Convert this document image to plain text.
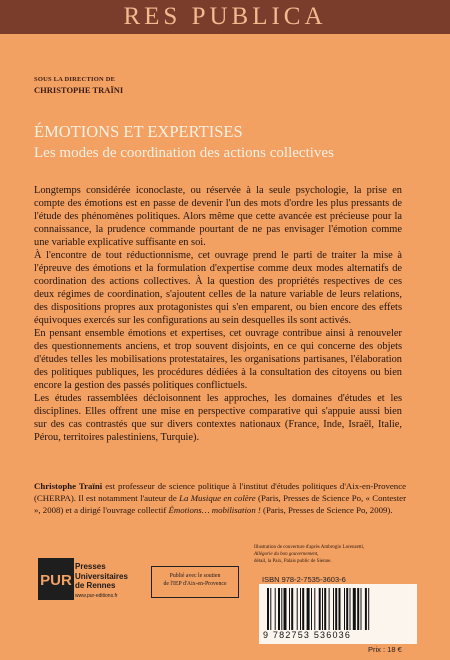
RES PUBLICA
SOUS LA DIRECTION DE
CHRISTOPHE TRAÏNI
ÉMOTIONS ET EXPERTISES
Les modes de coordination des actions collectives

Longtemps considérée iconoclaste, ou réservée à la seule psychologie, la prise en compte des émotions est en passe de devenir l'un des mots d'ordre les plus pressants de l'étude des phénomènes politiques. Alors même que cette avancée est précieuse pour la connaissance, la prudence commande pourtant de ne pas envisager l'émotion comme une variable explicative suffisante en soi.

À l'encontre de tout réductionnisme, cet ouvrage prend le parti de traiter la mise à l'épreuve des émotions et la formulation d'expertise comme deux modes alternatifs de coordination des actions collectives. À la question des propriétés respectives de ces deux régimes de coordination, s'ajoutent celles de la nature variable de leurs relations, des dispositions propres aux protagonistes qui s'en emparent, ou bien encore des effets équivoques exercés sur les configurations au sein desquelles ils sont activés.

En pensant ensemble émotions et expertises, cet ouvrage contribue ainsi à renouveler des questionnements anciens, et trop souvent disjoints, en ce qui concerne des objets d'études telles les mobilisations protestataires, les organisations partisanes, l'élaboration des politiques publiques, les procédures dédiées à la consultation des citoyens ou bien encore la gestion des passés politiques conflictuels.

Les études rassemblées décloisonnent les approches, les domaines d'études et les disciplines. Elles offrent une mise en perspective comparative qui s'appuie aussi bien sur des cas contrastés que sur divers contextes nationaux (France, Inde, Israël, Italie, Pérou, territoires palestiniens, Turquie).

Christophe Traïni est professeur de science politique à l'institut d'études politiques d'Aix-en-Provence (CHERPA). Il est notamment l'auteur de La Musique en colère (Paris, Presses de Science Po, « Contester », 2008) et a dirigé l'ouvrage collectif Émotions… mobilisation ! (Paris, Presses de Science Po, 2009).
Illustration de couverture d'après Ambrogio Lorenzetti,
Allégorie du bon gouvernement,
détail, la Paix, Palais public de Sienne.
PUR
Presses
Universitaires
de Rennes
www.pur-editions.fr
Publié avec le soutien
de l'IEP d'Aix-en-Provence	ISBN 978-2-7535-3603-6
9 782753 536036
Prix : 18 €
